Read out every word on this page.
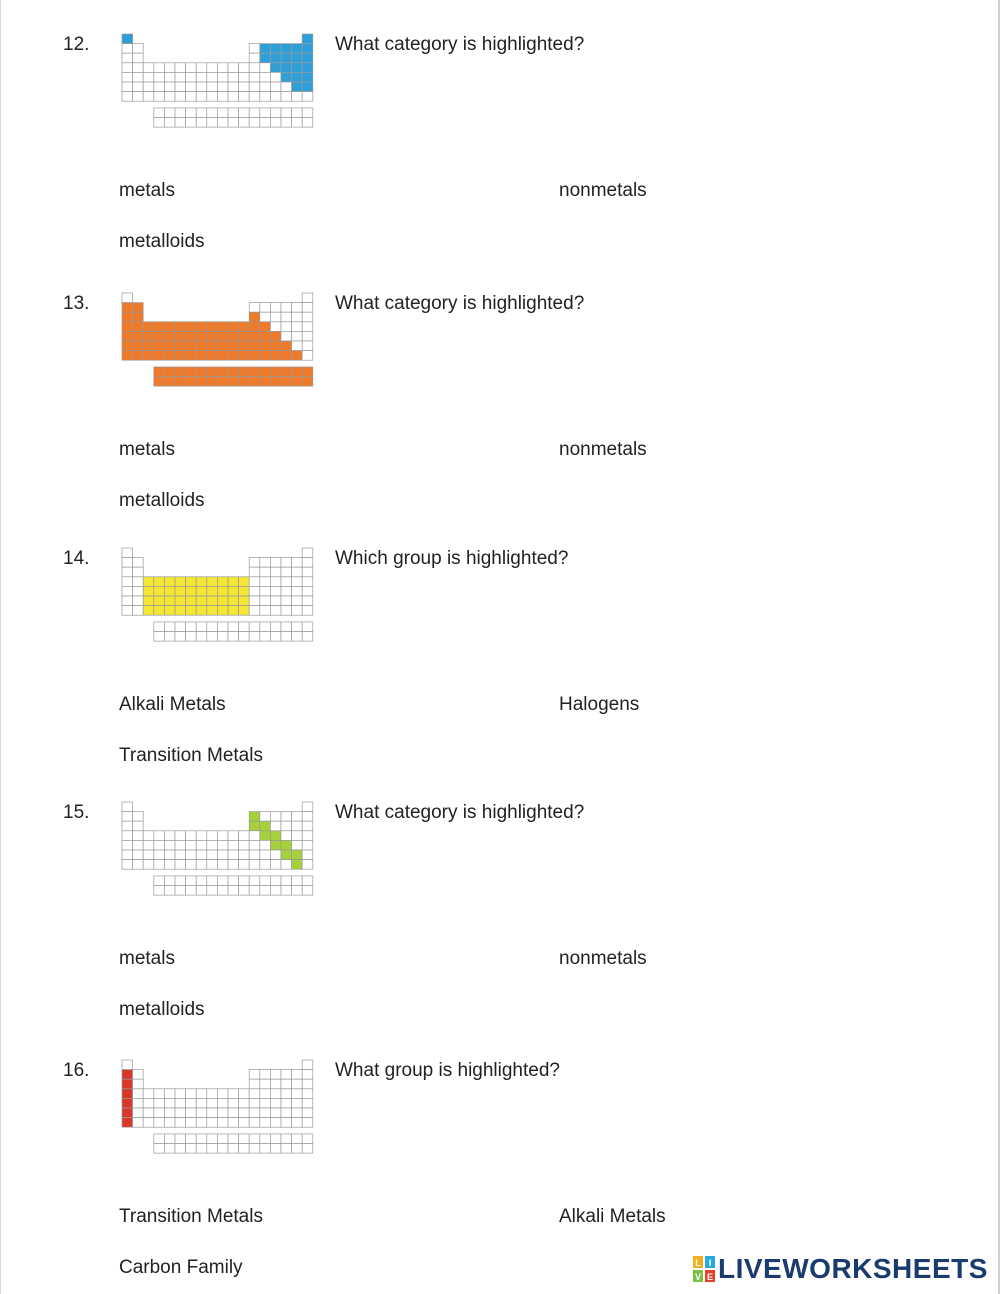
12.	What category is highlighted?
metals	nonmetals
metalloids
13.	What category is highlighted?
metals	nonmetals
metalloids
14.	Which group is highlighted?
Alkali Metals	Halogens
Transition Metals
15.	What category is highlighted?
metals	nonmetals
metalloids
16.	What group is highlighted?
Transition Metals	Alkali Metals
Carbon Family	L I
V E LIVEWORKSHEETS
